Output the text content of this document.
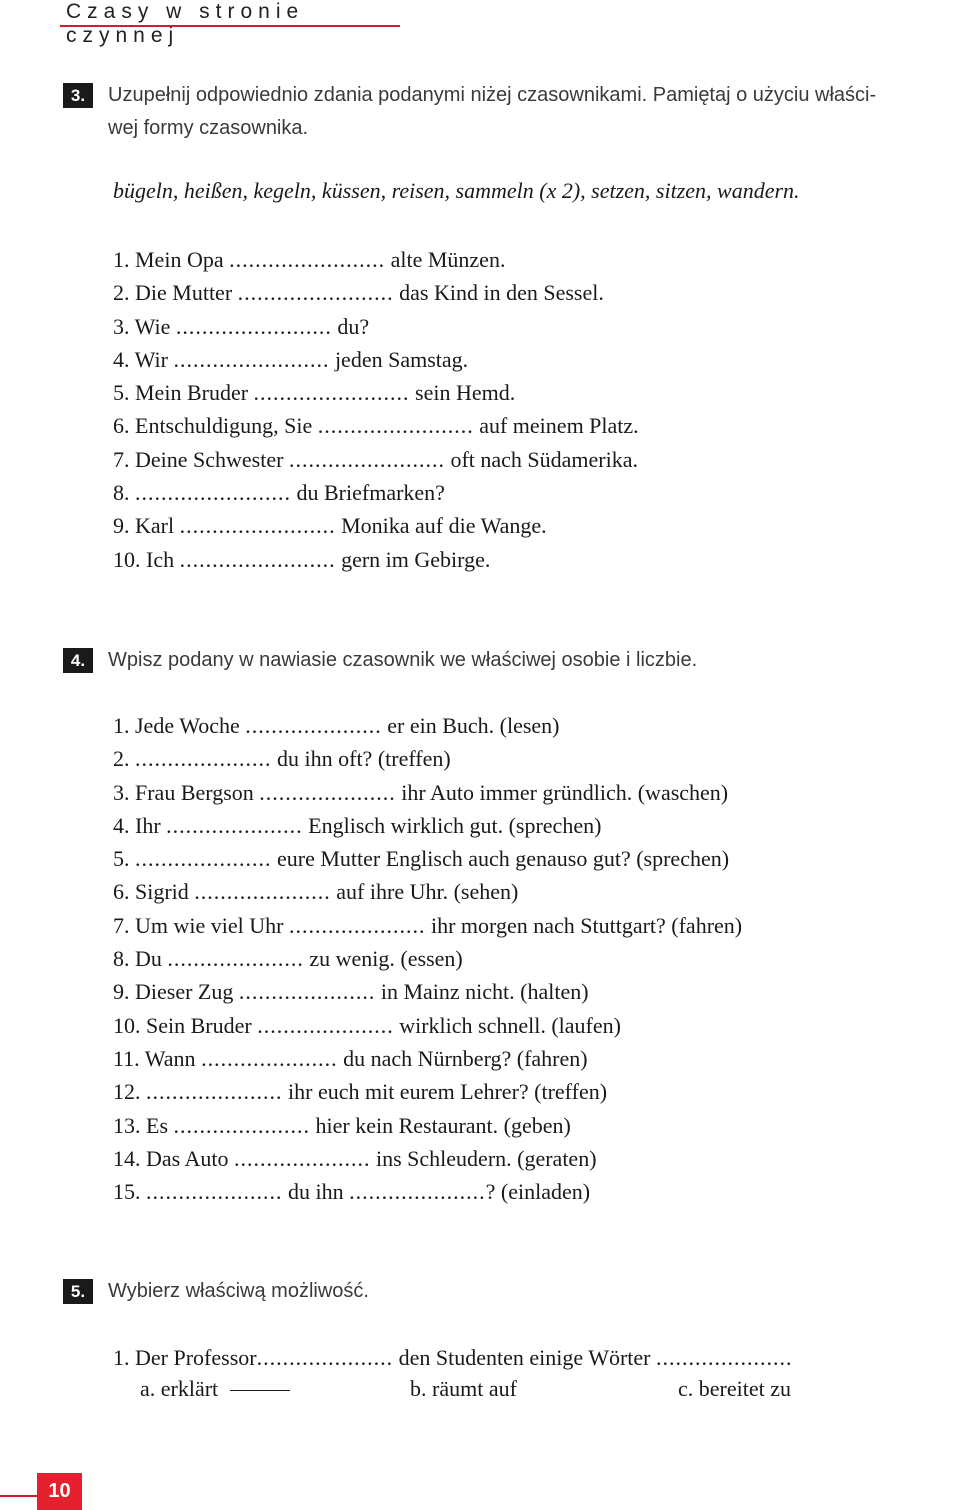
Czasy w stronie czynnej
3.	Uzupełnij odpowiednio zdania podanymi niżej czasownikami. Pamiętaj o użyciu właści-
wej formy czasownika.
bügeln, heißen, kegeln, küssen, reisen, sammeln (x 2), setzen, sitzen, wandern.
1. Mein Opa ........................ alte Münzen.
2. Die Mutter ........................ das Kind in den Sessel.
3. Wie ........................ du?
4. Wir ........................ jeden Samstag.
5. Mein Bruder ........................ sein Hemd.
6. Entschuldigung, Sie ........................ auf meinem Platz.
7. Deine Schwester ........................ oft nach Südamerika.
8. ........................ du Briefmarken?
9. Karl ........................ Monika auf die Wange.
10. Ich ........................ gern im Gebirge.
4.	Wpisz podany w nawiasie czasownik we właściwej osobie i liczbie.
1. Jede Woche ..................... er ein Buch. (lesen)
2. ..................... du ihn oft? (treffen)
3. Frau Bergson ..................... ihr Auto immer gründlich. (waschen)
4. Ihr ..................... Englisch wirklich gut. (sprechen)
5. ..................... eure Mutter Englisch auch genauso gut? (sprechen)
6. Sigrid ..................... auf ihre Uhr. (sehen)
7. Um wie viel Uhr ..................... ihr morgen nach Stuttgart? (fahren)
8. Du ..................... zu wenig. (essen)
9. Dieser Zug ..................... in Mainz nicht. (halten)
10. Sein Bruder ..................... wirklich schnell. (laufen)
11. Wann ..................... du nach Nürnberg? (fahren)
12. ..................... ihr euch mit eurem Lehrer? (treffen)
13. Es ..................... hier kein Restaurant. (geben)
14. Das Auto ..................... ins Schleudern. (geraten)
15. ..................... du ihn .....................? (einladen)
5.	Wybierz właściwą możliwość.
1. Der Professor..................... den Studenten einige Wörter .....................
a. erklärt	b. räumt auf	c. bereitet zu
10
